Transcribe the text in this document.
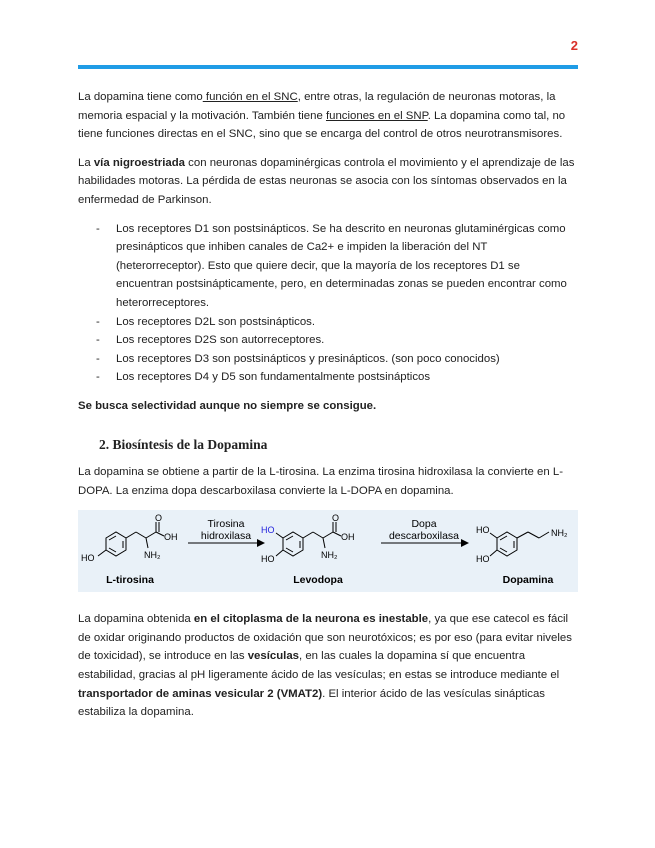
2

La dopamina tiene como función en el SNC, entre otras, la regulación de neuronas motoras, la memoria espacial y la motivación. También tiene funciones en el SNP. La dopamina como tal, no tiene funciones directas en el SNC, sino que se encarga del control de otros neurotransmisores.

La vía nigroestriada con neuronas dopaminérgicas controla el movimiento y el aprendizaje de las habilidades motoras. La pérdida de estas neuronas se asocia con los síntomas observados en la enfermedad de Parkinson.

- Los receptores D1 son postsinápticos. Se ha descrito en neuronas glutaminérgicas como presinápticos que inhiben canales de Ca2+ e impiden la liberación del NT (heterorreceptor). Esto que quiere decir, que la mayoría de los receptores D1 se encuentran postsinápticamente, pero, en determinadas zonas se pueden encontrar como heterorreceptores.
- Los receptores D2L son postsinápticos.
- Los receptores D2S son autorreceptores.
- Los receptores D3 son postsinápticos y presinápticos. (son poco conocidos)
- Los receptores D4 y D5 son fundamentalmente postsinápticos

Se busca selectividad aunque no siempre se consigue.

2. Biosíntesis de la Dopamina

La dopamina se obtiene a partir de la L-tirosina. La enzima tirosina hidroxilasa la convierte en L-DOPA. La enzima dopa descarboxilasa convierte la L-DOPA en dopamina.

HO
OH
O
NH₂
HO
HO
OH
O
NH₂
HO
HO
NH₂
Tirosina
hidroxilasa
Dopa
descarboxilasa
L-tirosina	Levodopa	Dopamina

La dopamina obtenida en el citoplasma de la neurona es inestable, ya que ese catecol es fácil de oxidar originando productos de oxidación que son neurotóxicos; es por eso (para evitar niveles de toxicidad), se introduce en las vesículas, en las cuales la dopamina sí que encuentra estabilidad, gracias al pH ligeramente ácido de las vesículas; en estas se introduce mediante el transportador de aminas vesicular 2 (VMAT2). El interior ácido de las vesículas sinápticas estabiliza la dopamina.
